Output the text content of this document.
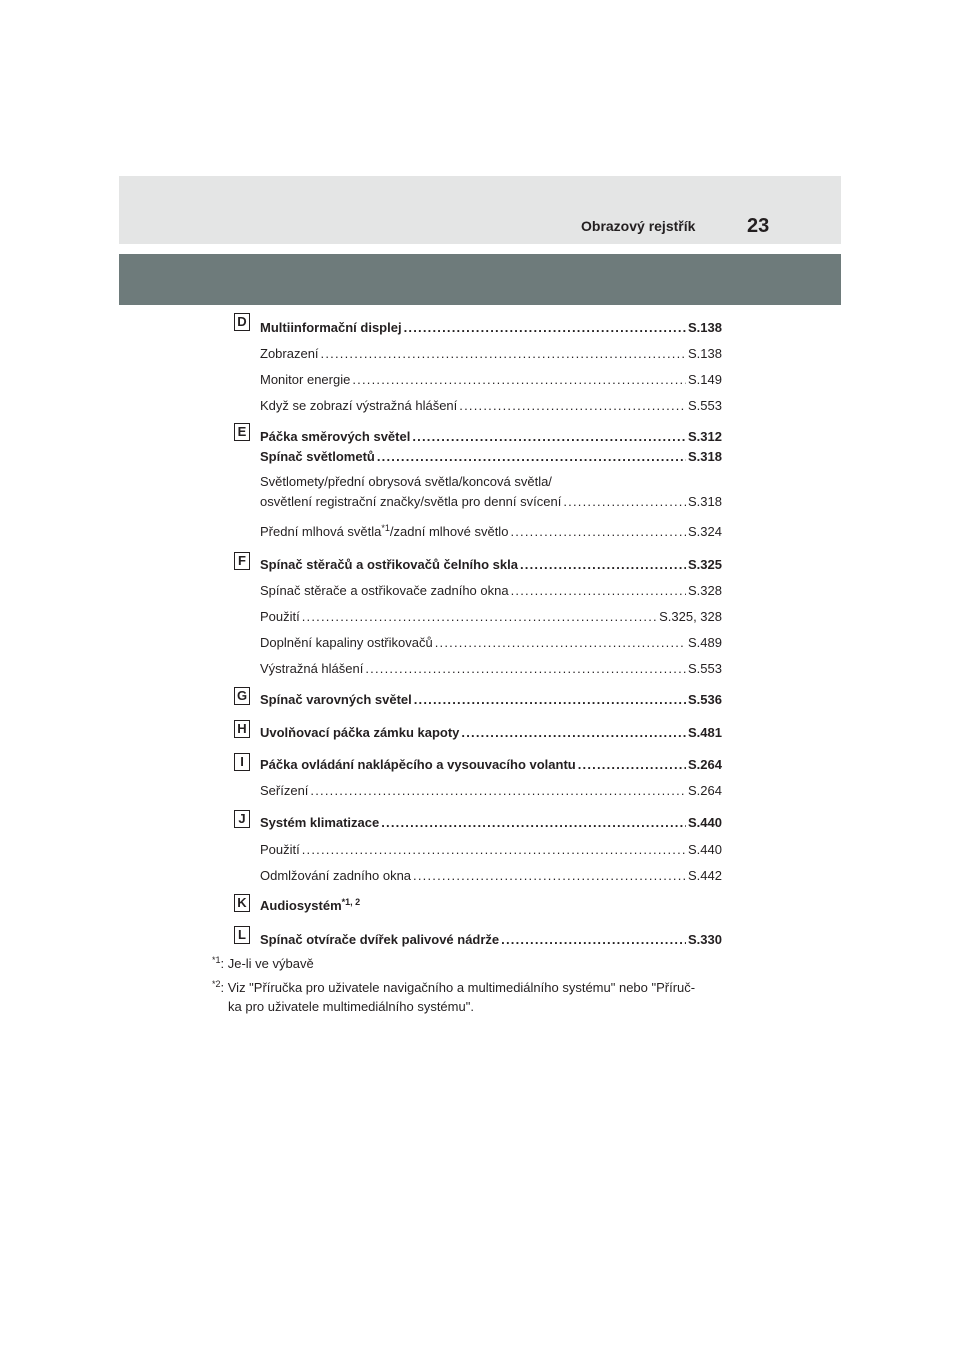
Obrazový rejstřík	23
D Multiinformační displej .....	S.138
Zobrazení .....	S.138
Monitor energie .....	S.149
Když se zobrazí výstražná hlášení .....	S.553
E Páčka směrových světel .....	S.312
Spínač světlometů .....	S.318
Světlomety/přední obrysová světla/koncová světla/
osvětlení registrační značky/světla pro denní svícení .....	S.318
Přední mlhová světla$^{*1}$/zadní mlhové světlo .....	S.324
F	Spínač stěračů a ostřikovačů čelního skla .....	S.325
Spínač stěrače a ostřikovače zadního okna .....	S.328
Použití .....	S.325, 328
Doplnění kapaliny ostřikovačů .....	S.489
Výstražná hlášení .....	S.553
G Spínač varovných světel .....	S.536
H Uvolňovací páčka zámku kapoty .....	S.481
I	Páčka ovládání naklápěcího a vysouvacího volantu .....	S.264
Seřízení .....	S.264
J	Systém klimatizace .....	S.440
Použití .....	S.440
Odmlžování zadního okna .....	S.442
K Audiosystém$^{*1, 2}$
L	Spínač otvírače dvířek palivové nádrže .....	S.330
$^{*1}$: Je-li ve výbavě
$^{*2}$: Viz "Příručka pro uživatele navigačního a multimediálního systému" nebo "Příruč-
ka pro uživatele multimediálního systému".
